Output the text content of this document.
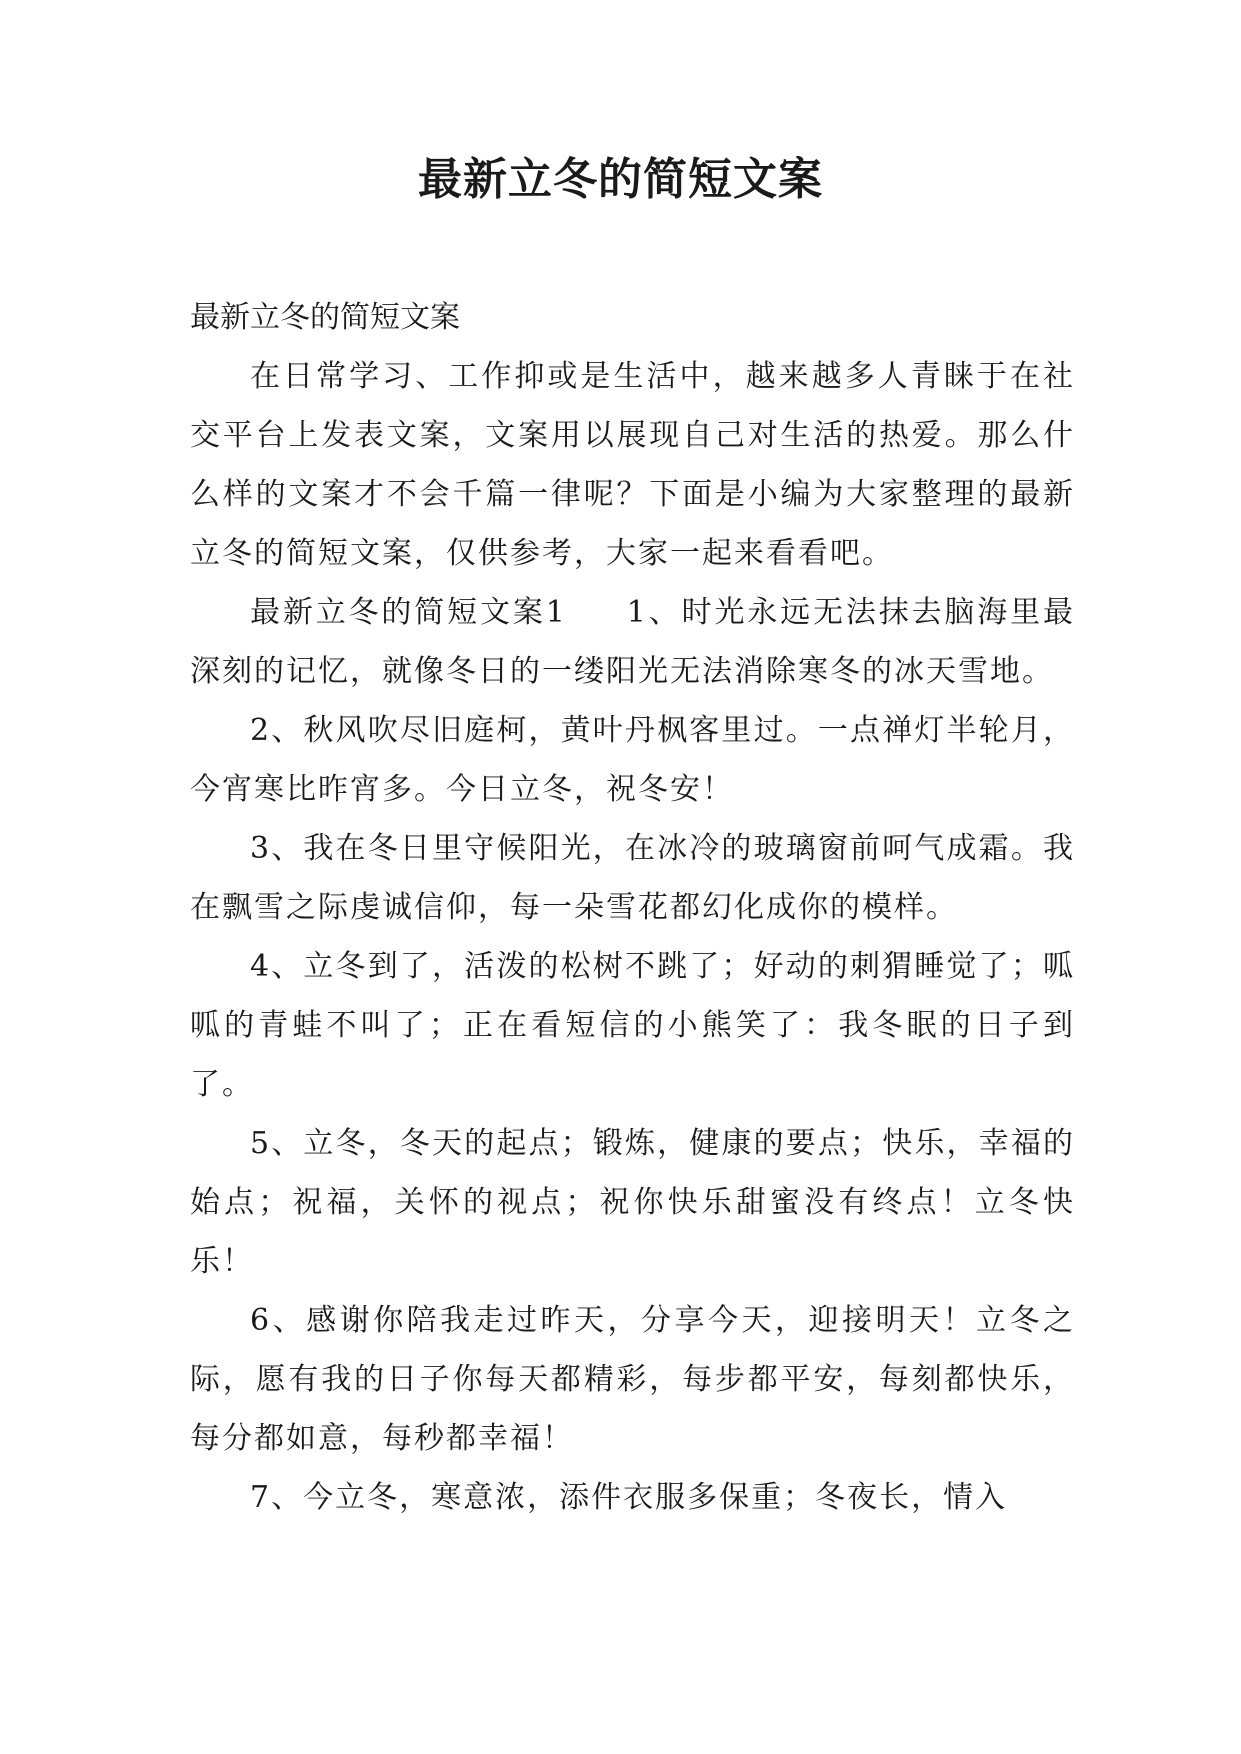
最新立冬的简短文案

最新立冬的简短文案

在日常学习、工作抑或是生活中，越来越多人青睐于在社交平台上发表文案，文案用以展现自己对生活的热爱。那么什么样的文案才不会千篇一律呢？下面是小编为大家整理的最新立冬的简短文案，仅供参考，大家一起来看看吧。

最新立冬的简短文案1 1、时光永远无法抹去脑海里最深刻的记忆，就像冬日的一缕阳光无法消除寒冬的冰天雪地。

2、秋风吹尽旧庭柯，黄叶丹枫客里过。一点禅灯半轮月，今宵寒比昨宵多。今日立冬，祝冬安！

3、我在冬日里守候阳光，在冰冷的玻璃窗前呵气成霜。我在飘雪之际虔诚信仰，每一朵雪花都幻化成你的模样。

4、立冬到了，活泼的松树不跳了；好动的刺猬睡觉了；呱呱的青蛙不叫了；正在看短信的小熊笑了：我冬眠的日子到了。

5、立冬，冬天的起点；锻炼，健康的要点；快乐，幸福的始点；祝福，关怀的视点；祝你快乐甜蜜没有终点！立冬快乐！

6、感谢你陪我走过昨天，分享今天，迎接明天！立冬之际，愿有我的日子你每天都精彩，每步都平安，每刻都快乐，每分都如意，每秒都幸福！

7、今立冬，寒意浓，添件衣服多保重；冬夜长，情入
